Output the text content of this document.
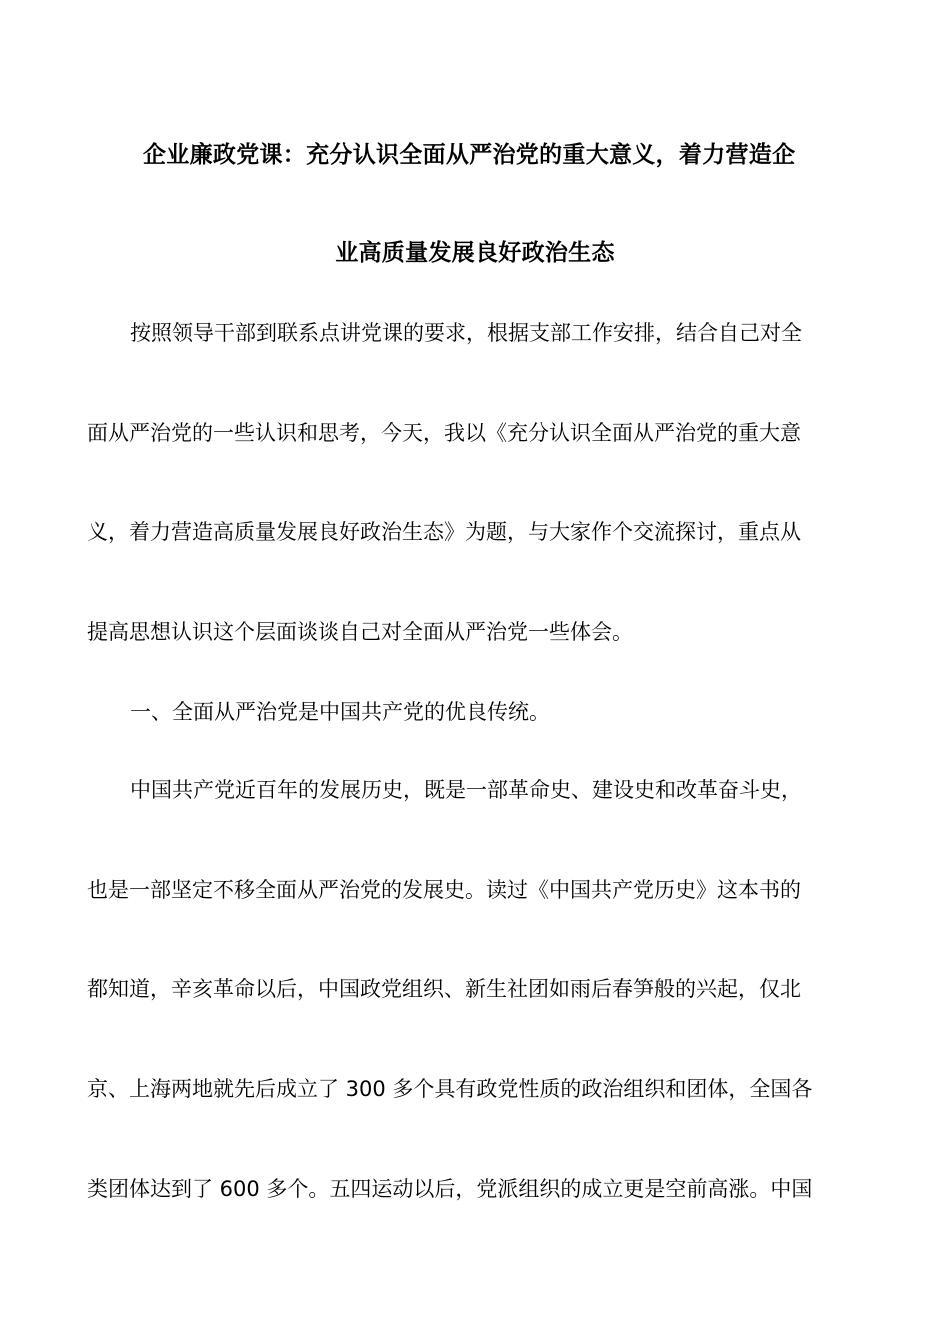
企业廉政党课：充分认识全面从严治党的重大意义，着力营造企
业高质量发展良好政治生态
按照领导干部到联系点讲党课的要求，根据支部工作安排，结合自己对全
面从严治党的一些认识和思考，今天，我以《充分认识全面从严治党的重大意
义，着力营造高质量发展良好政治生态》为题，与大家作个交流探讨，重点从
提高思想认识这个层面谈谈自己对全面从严治党一些体会。
一、全面从严治党是中国共产党的优良传统。
中国共产党近百年的发展历史，既是一部革命史、建设史和改革奋斗史，
也是一部坚定不移全面从严治党的发展史。读过《中国共产党历史》这本书的
都知道，辛亥革命以后，中国政党组织、新生社团如雨后春笋般的兴起，仅北
京、上海两地就先后成立了 300 多个具有政党性质的政治组织和团体，全国各
类团体达到了 600 多个。五四运动以后，党派组织的成立更是空前高涨。中国
